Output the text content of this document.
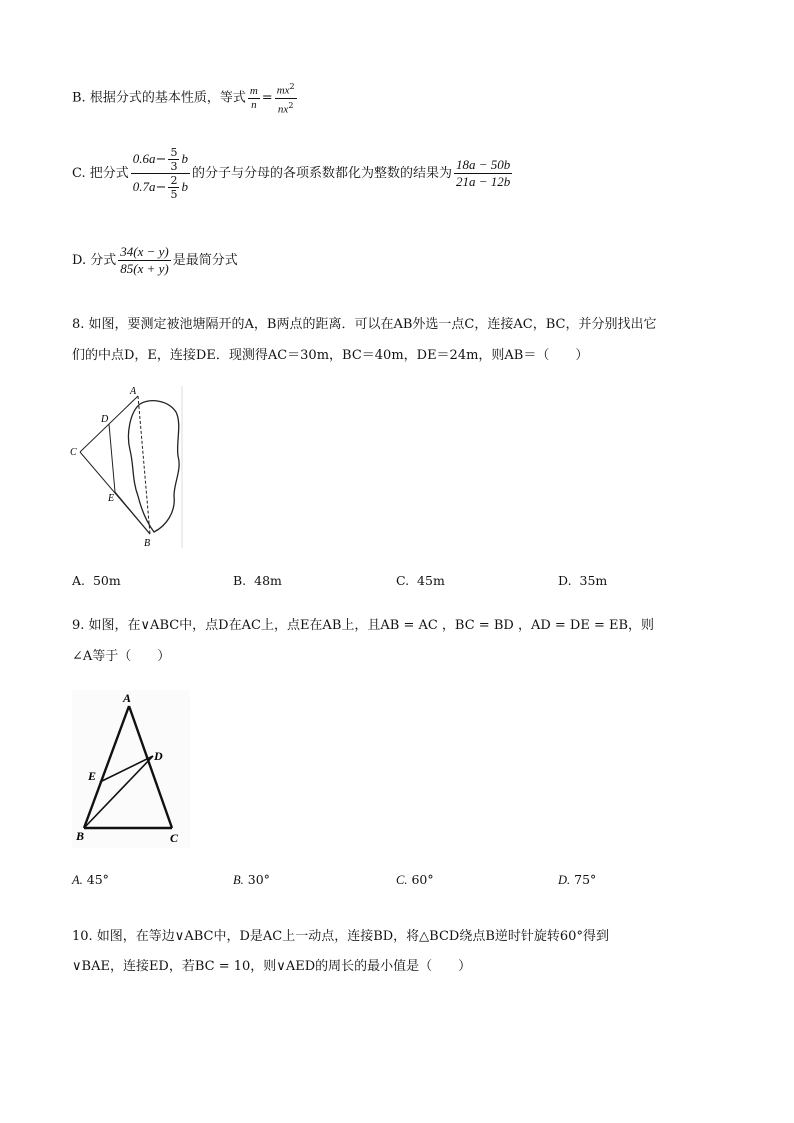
B. 根据分式的基本性质，等式 $\frac{m}{n} = \frac{mx^2}{nx^2}$
C. 把分式 $\frac{0.6a- \frac{5}{3} b}{0.7a- \frac{2}{5} b}$ 的分子与分母的各项系数都化为整数的结果为 $\frac{18a - 50b}{21a - 12b}$
D. 分式 $\frac{34(x - y)}{85(x + y)}$ 是最简分式
8. 如图，要测定被池塘隔开的A，B两点的距离．可以在AB外选一点C，连接AC，BC，并分别找出它
们的中点D，E，连接DE．现测得AC＝30m，BC＝40m，DE＝24m，则AB＝（　　）
A
D
C
E
B
A. 50m	B. 48m	C. 45m	D. 35m
9. 如图，在∨ABC中，点D在AC上，点E在AB上，且AB = AC ，BC = BD ，AD = DE = EB，则
∠A等于（　　）
A
D
E
B	C
A. 45°	B. 30°	C. 60°	D. 75°
10. 如图，在等边∨ABC中，D是AC上一动点，连接BD，将△BCD绕点B逆时针旋转60°得到
∨BAE，连接ED，若BC = 10，则∨AED的周长的最小值是（　　）
